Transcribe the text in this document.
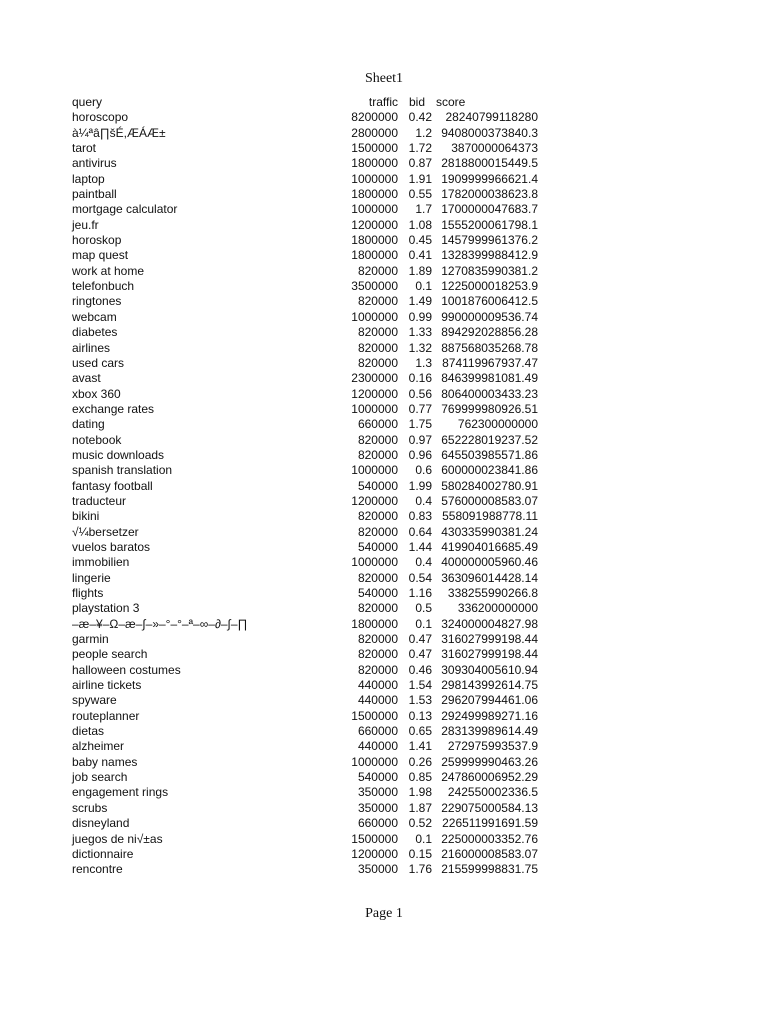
Sheet1
query	traffic	bid	score
horoscopo	8200000	0.42	28240799118280
à¼ªâ∏šÉ,ÆÁÆ±	2800000	1.2	9408000373840.3
tarot	1500000	1.72	3870000064373
antivirus	1800000	0.87	2818800015449.5
laptop	1000000	1.91	1909999966621.4
paintball	1800000	0.55	1782000038623.8
mortgage calculator	1000000	1.7	1700000047683.7
jeu.fr	1200000	1.08	1555200061798.1
horoskop	1800000	0.45	1457999961376.2
map quest	1800000	0.41	1328399988412.9
work at home	820000	1.89	1270835990381.2
telefonbuch	3500000	0.1	1225000018253.9
ringtones	820000	1.49	1001876006412.5
webcam	1000000	0.99	990000009536.74
diabetes	820000	1.33	894292028856.28
airlines	820000	1.32	887568035268.78
used cars	820000	1.3	874119967937.47
avast	2300000	0.16	846399981081.49
xbox 360	1200000	0.56	806400003433.23
exchange rates	1000000	0.77	769999980926.51
dating	660000	1.75	762300000000
notebook	820000	0.97	652228019237.52
music downloads	820000	0.96	645503985571.86
spanish translation	1000000	0.6	600000023841.86
fantasy football	540000	1.99	580284002780.91
traducteur	1200000	0.4	576000008583.07
bikini	820000	0.83	558091988778.11
√¼bersetzer	820000	0.64	430335990381.24
vuelos baratos	540000	1.44	419904016685.49
immobilien	1000000	0.4	400000005960.46
lingerie	820000	0.54	363096014428.14
flights	540000	1.16	338255990266.8
playstation 3	820000	0.5	336200000000
–æ–¥–Ω–æ–∫–»–°–°–ª–∞–∂–∫–∏	1800000	0.1	324000004827.98
garmin	820000	0.47	316027999198.44
people search	820000	0.47	316027999198.44
halloween costumes	820000	0.46	309304005610.94
airline tickets	440000	1.54	298143992614.75
spyware	440000	1.53	296207994461.06
routeplanner	1500000	0.13	292499989271.16
dietas	660000	0.65	283139989614.49
alzheimer	440000	1.41	272975993537.9
baby names	1000000	0.26	259999990463.26
job search	540000	0.85	247860006952.29
engagement rings	350000	1.98	242550002336.5
scrubs	350000	1.87	229075000584.13
disneyland	660000	0.52	226511991691.59
juegos de ni√±as	1500000	0.1	225000003352.76
dictionnaire	1200000	0.15	216000008583.07
rencontre	350000	1.76	215599998831.75
Page 1
